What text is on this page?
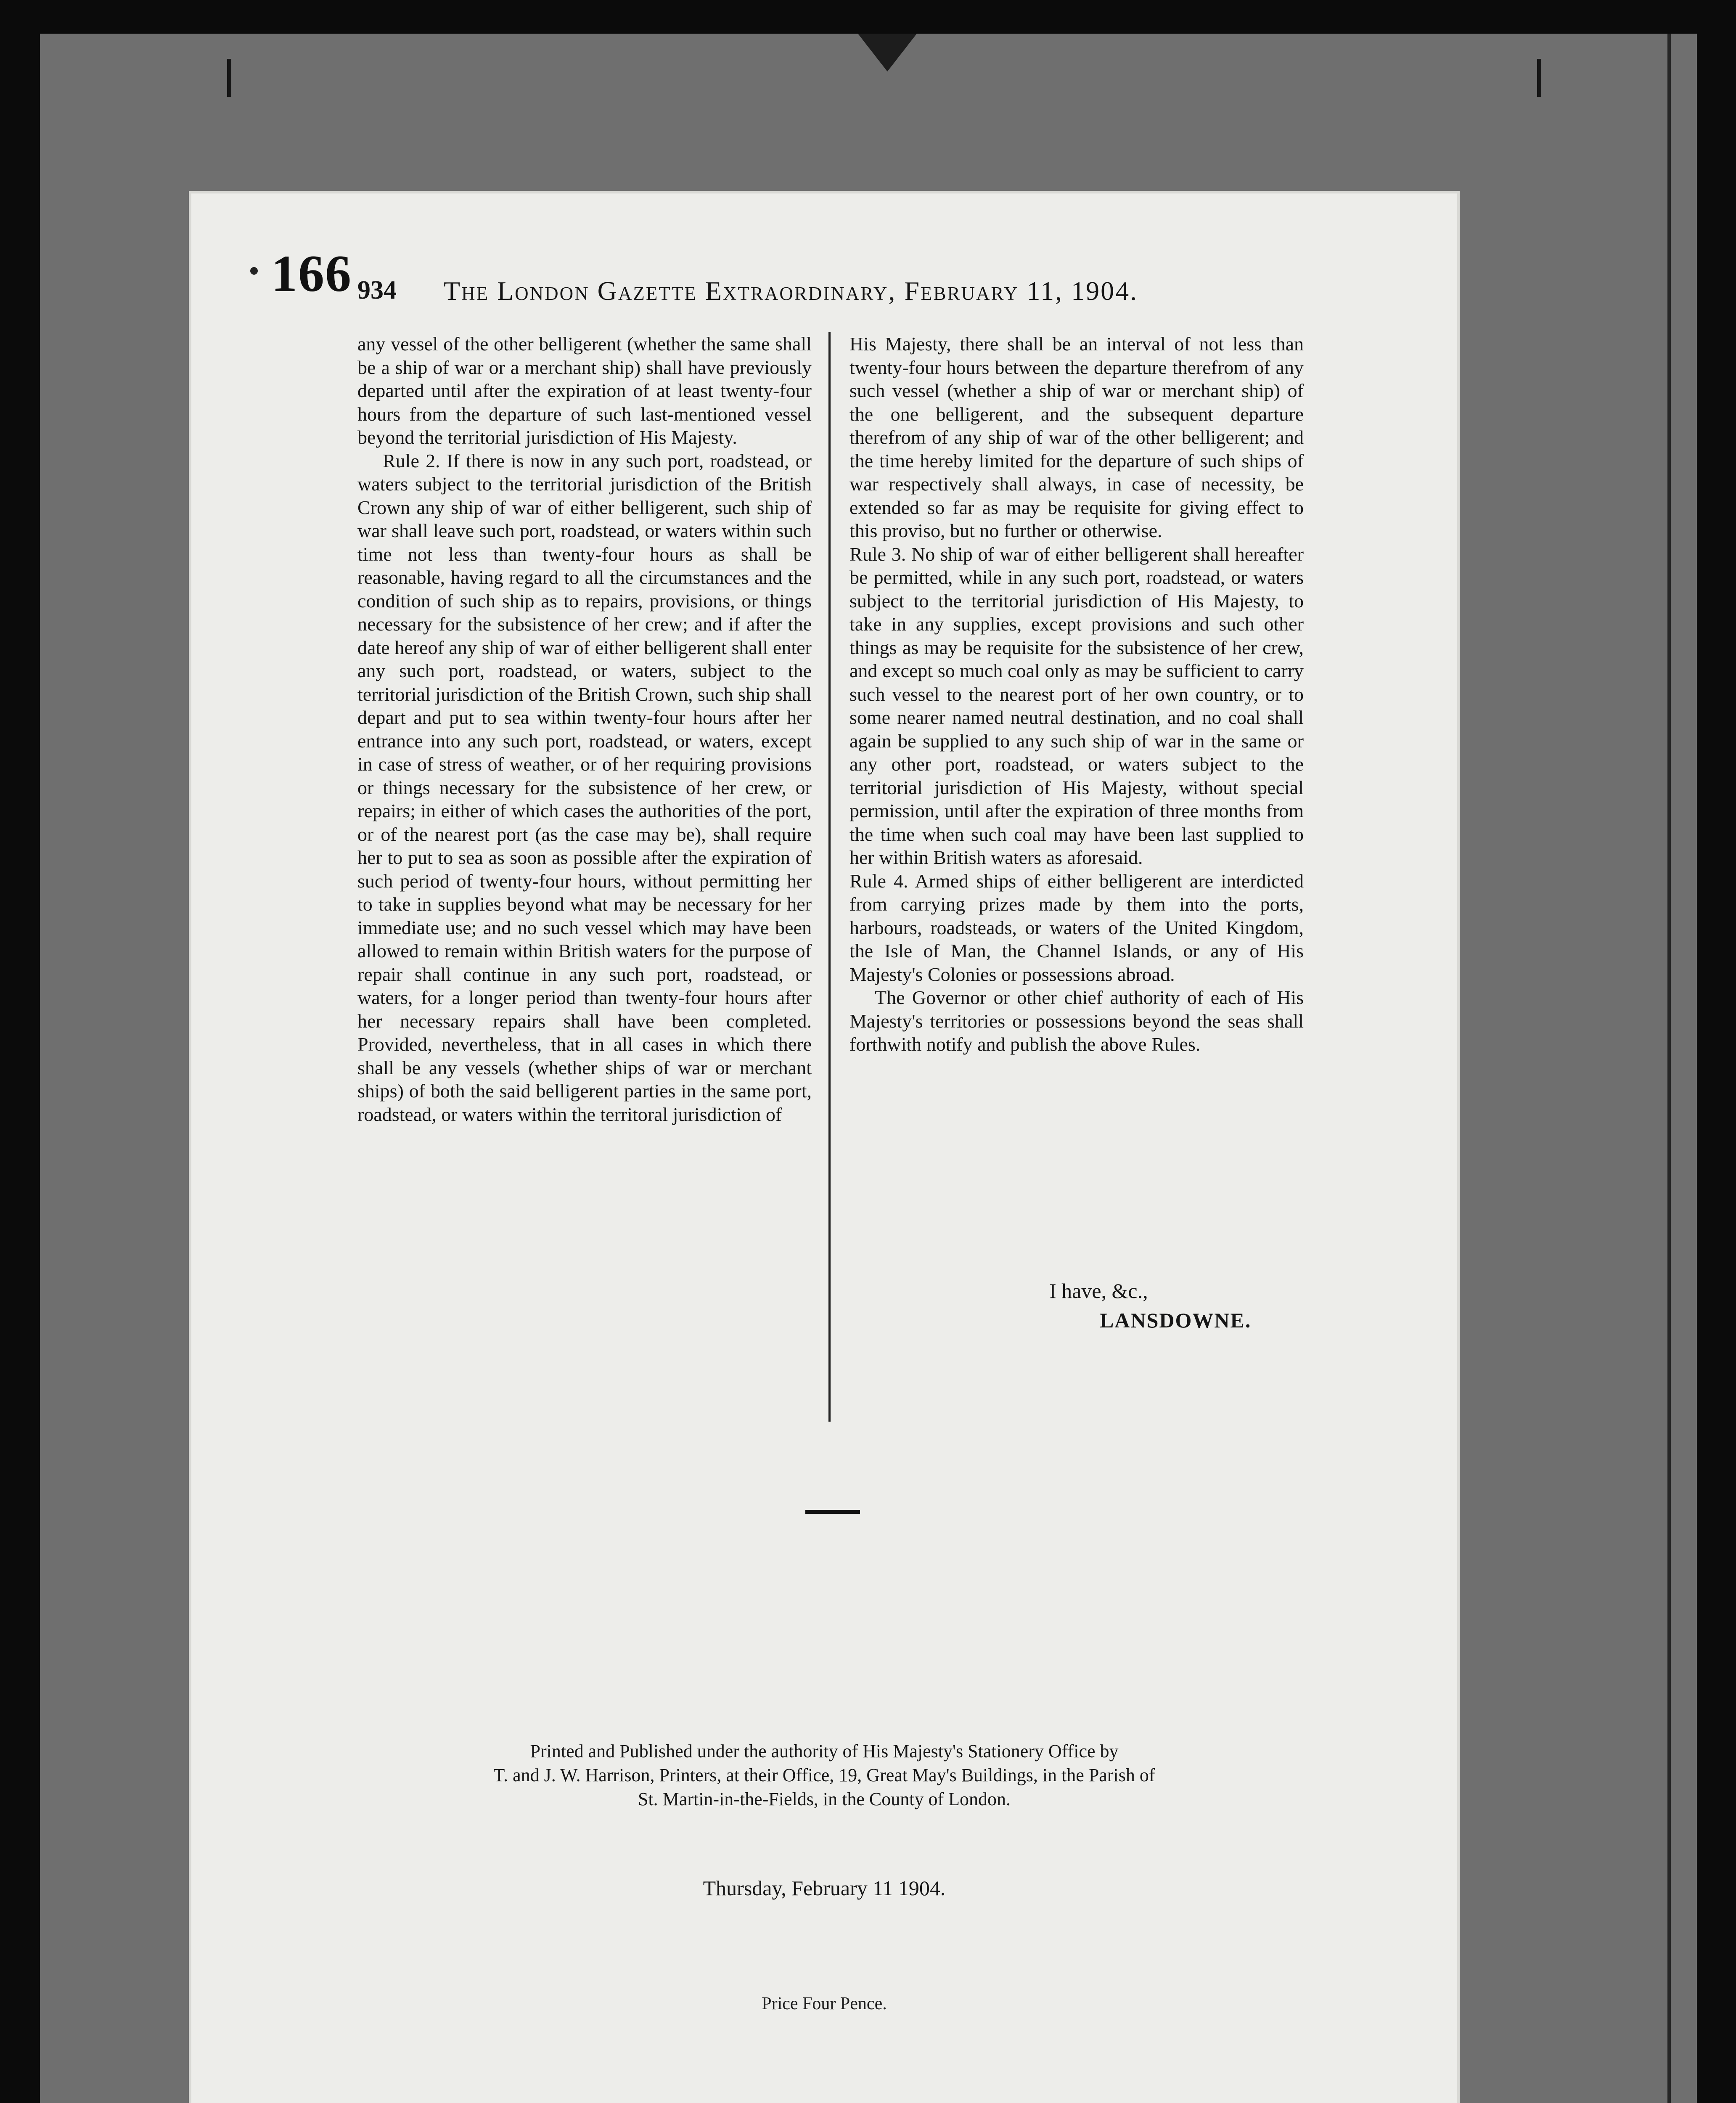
166 934 The London Gazette Extraordinary, February 11, 1904.

any vessel of the other belligerent (whether the same shall be a ship of war or a merchant ship) shall have previously departed until after the expiration of at least twenty-four hours from the departure of such last-mentioned vessel beyond the territorial jurisdiction of His Majesty.

Rule 2. If there is now in any such port, roadstead, or waters subject to the territorial jurisdiction of the British Crown any ship of war of either belligerent, such ship of war shall leave such port, roadstead, or waters within such time not less than twenty-four hours as shall be reasonable, having regard to all the circumstances and the condition of such ship as to repairs, provisions, or things necessary for the subsistence of her crew; and if after the date hereof any ship of war of either belligerent shall enter any such port, roadstead, or waters, subject to the territorial jurisdiction of the British Crown, such ship shall depart and put to sea within twenty-four hours after her entrance into any such port, roadstead, or waters, except in case of stress of weather, or of her requiring provisions or things necessary for the subsistence of her crew, or repairs; in either of which cases the authorities of the port, or of the nearest port (as the case may be), shall require her to put to sea as soon as possible after the expiration of such period of twenty-four hours, without permitting her to take in supplies beyond what may be necessary for her immediate use; and no such vessel which may have been allowed to remain within British waters for the purpose of repair shall continue in any such port, roadstead, or waters, for a longer period than twenty-four hours after her necessary repairs shall have been completed. Provided, nevertheless, that in all cases in which there shall be any vessels (whether ships of war or merchant ships) of both the said belligerent parties in the same port, roadstead, or waters within the territoral jurisdiction of

His Majesty, there shall be an interval of not less than twenty-four hours between the departure therefrom of any such vessel (whether a ship of war or merchant ship) of the one belligerent, and the subsequent departure therefrom of any ship of war of the other belligerent; and the time hereby limited for the departure of such ships of war respectively shall always, in case of necessity, be extended so far as may be requisite for giving effect to this proviso, but no further or otherwise.

Rule 3. No ship of war of either belligerent shall hereafter be permitted, while in any such port, roadstead, or waters subject to the territorial jurisdiction of His Majesty, to take in any supplies, except provisions and such other things as may be requisite for the subsistence of her crew, and except so much coal only as may be sufficient to carry such vessel to the nearest port of her own country, or to some nearer named neutral destination, and no coal shall again be supplied to any such ship of war in the same or any other port, roadstead, or waters subject to the territorial jurisdiction of His Majesty, without special permission, until after the expiration of three months from the time when such coal may have been last supplied to her within British waters as aforesaid.

Rule 4. Armed ships of either belligerent are interdicted from carrying prizes made by them into the ports, harbours, roadsteads, or waters of the United Kingdom, the Isle of Man, the Channel Islands, or any of His Majesty's Colonies or possessions abroad.

The Governor or other chief authority of each of His Majesty's territories or possessions beyond the seas shall forthwith notify and publish the above Rules.

I have, &c.,
LANSDOWNE.
Printed and Published under the authority of His Majesty's Stationery Office by
T. and J. W. Harrison, Printers, at their Office, 19, Great May's Buildings, in the Parish of
St. Martin-in-the-Fields, in the County of London.
Thursday, February 11 1904.
Price Four Pence.
